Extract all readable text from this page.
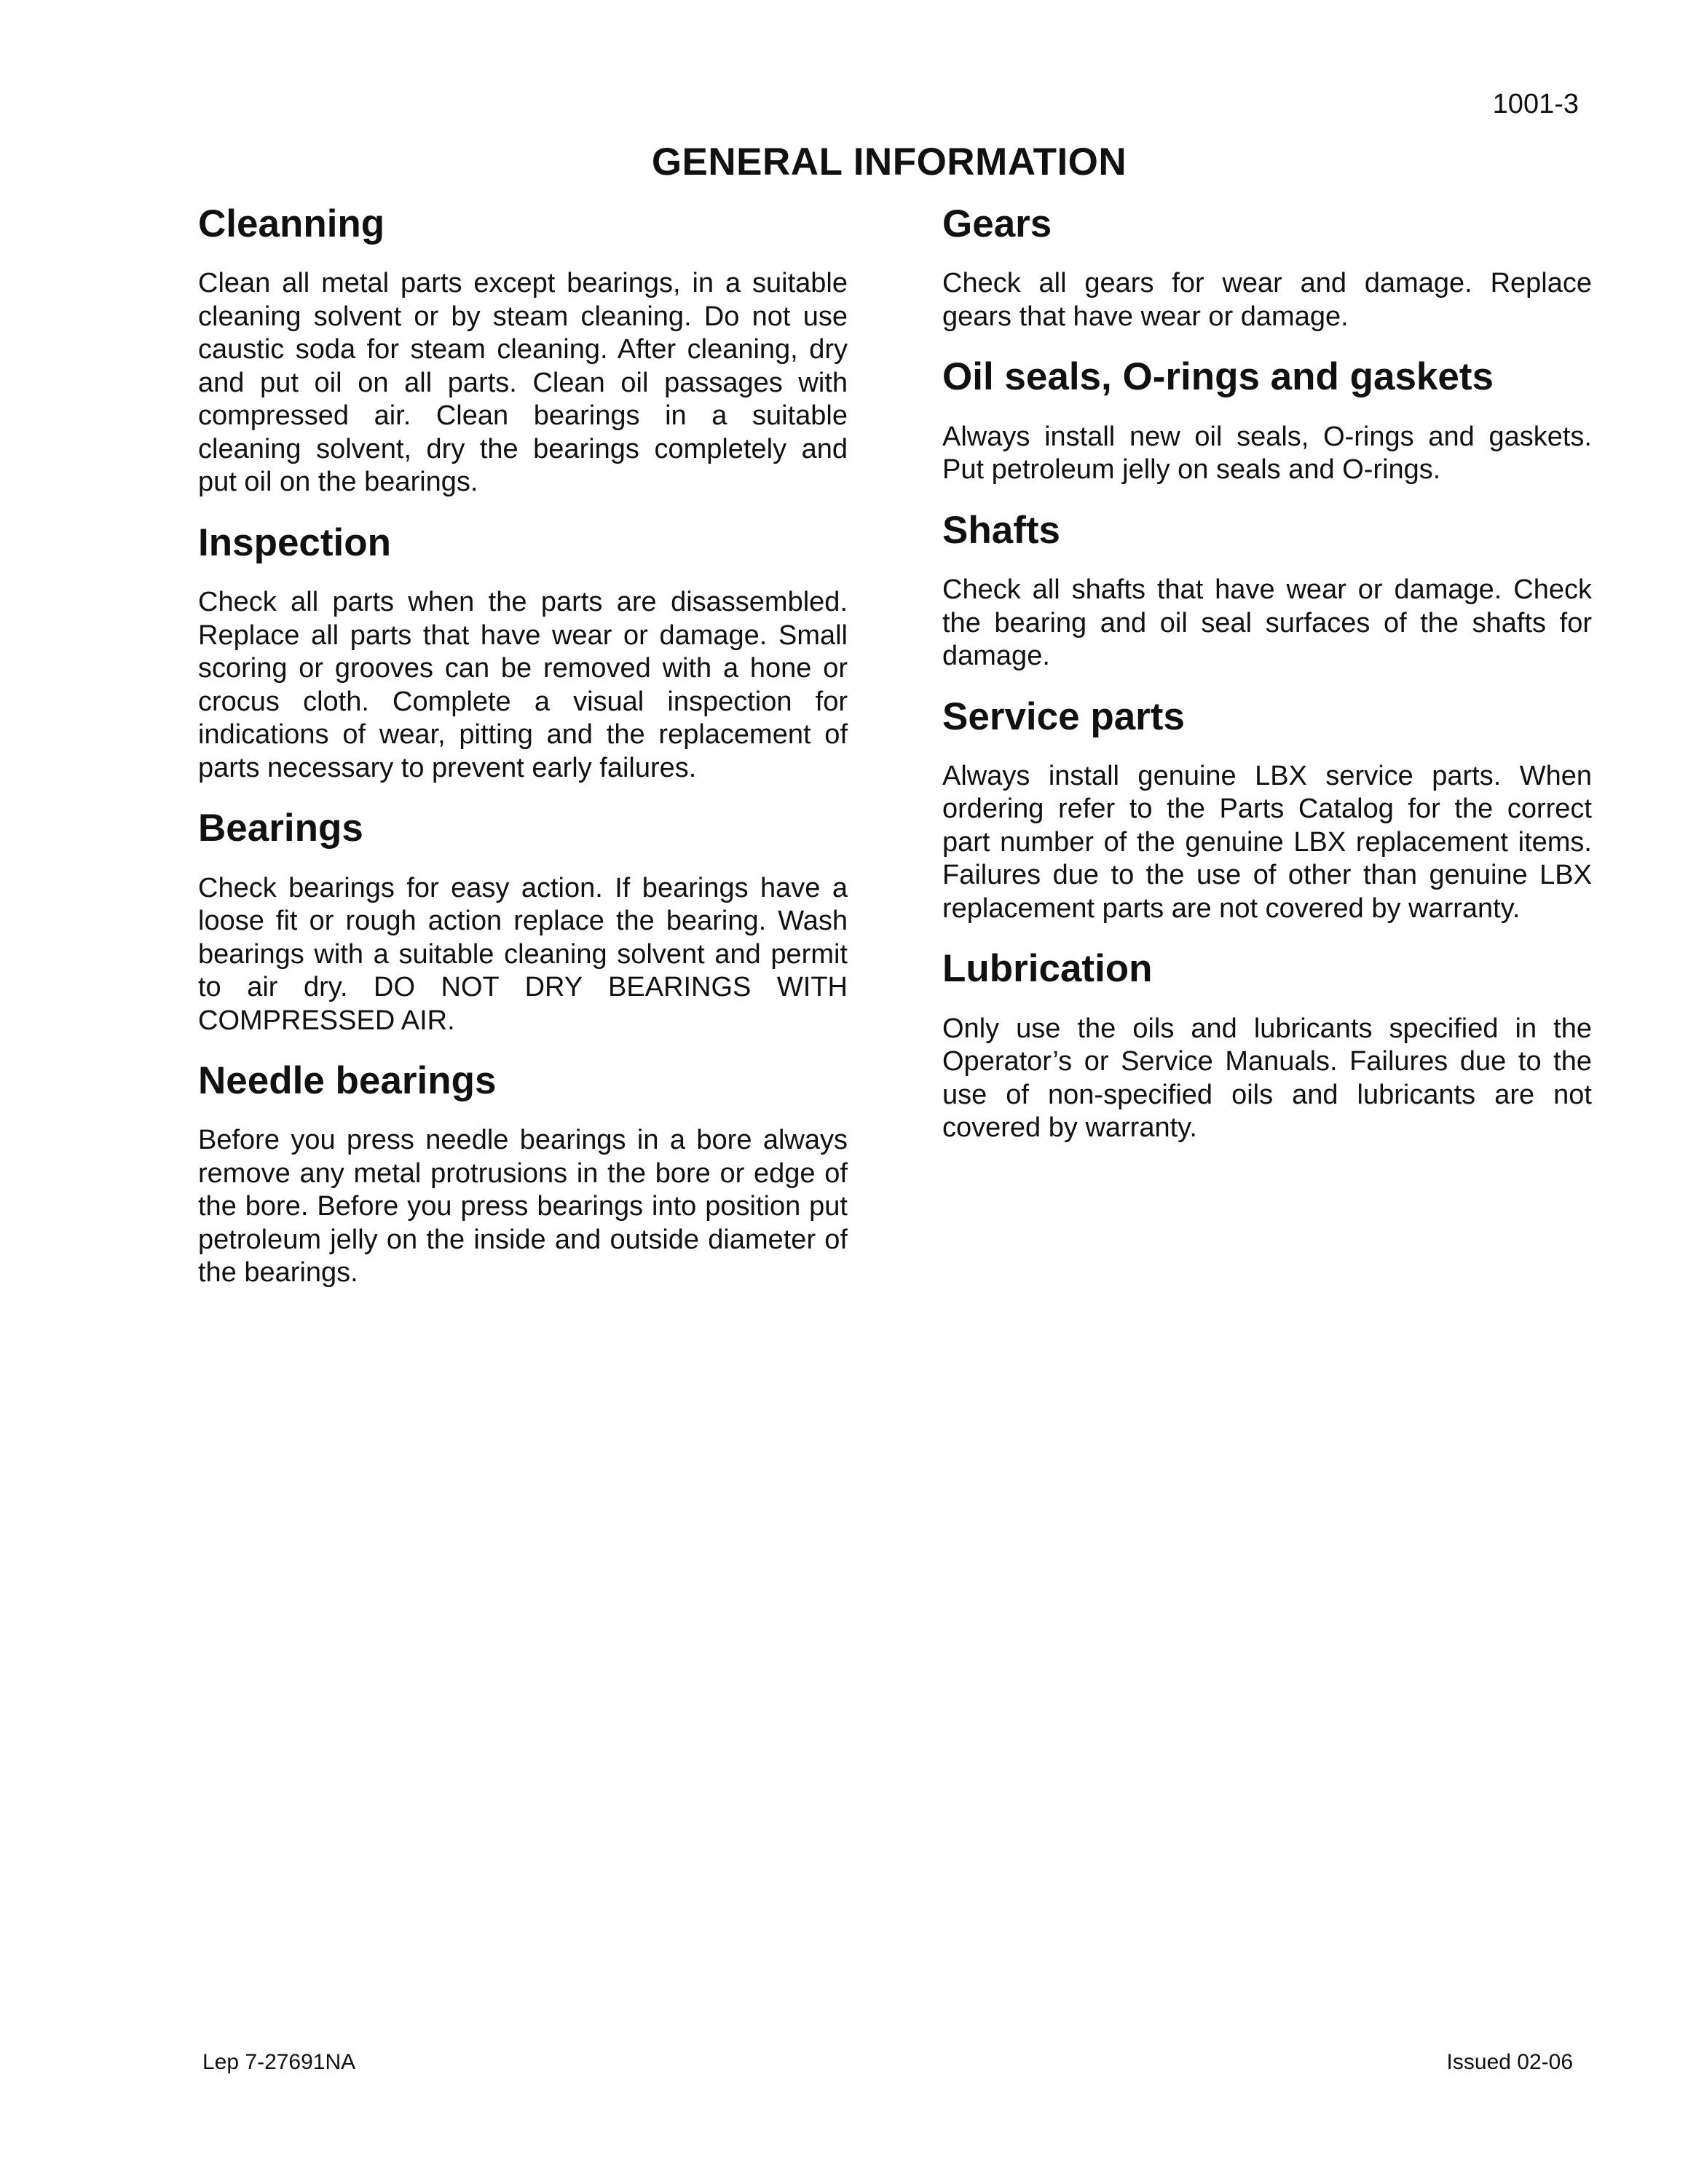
1001-3
GENERAL INFORMATION
Cleanning

Clean all metal parts except bearings, in a suitable cleaning solvent or by steam cleaning. Do not use caustic soda for steam cleaning. After cleaning, dry and put oil on all parts. Clean oil passages with compressed air. Clean bearings in a suitable cleaning solvent, dry the bearings completely and put oil on the bearings.

Inspection

Check all parts when the parts are disassembled. Replace all parts that have wear or damage. Small scoring or grooves can be removed with a hone or crocus cloth. Complete a visual inspection for indications of wear, pitting and the replacement of parts necessary to prevent early failures.

Bearings

Check bearings for easy action. If bearings have a loose fit or rough action replace the bearing. Wash bearings with a suitable cleaning solvent and permit to air dry. DO NOT DRY BEARINGS WITH COMPRESSED AIR.

Needle bearings

Before you press needle bearings in a bore always remove any metal protrusions in the bore or edge of the bore. Before you press bearings into position put petroleum jelly on the inside and outside diameter of the bearings.

Gears

Check all gears for wear and damage. Replace gears that have wear or damage.

Oil seals, O-rings and gaskets

Always install new oil seals, O-rings and gaskets. Put petroleum jelly on seals and O-rings.

Shafts

Check all shafts that have wear or damage. Check the bearing and oil seal surfaces of the shafts for damage.

Service parts

Always install genuine LBX service parts. When ordering refer to the Parts Catalog for the correct part number of the genuine LBX replacement items. Failures due to the use of other than genuine LBX replacement parts are not covered by warranty.

Lubrication

Only use the oils and lubricants specified in the Operator’s or Service Manuals. Failures due to the use of non-specified oils and lubricants are not covered by warranty.

Lep 7-27691NA	Issued 02-06
